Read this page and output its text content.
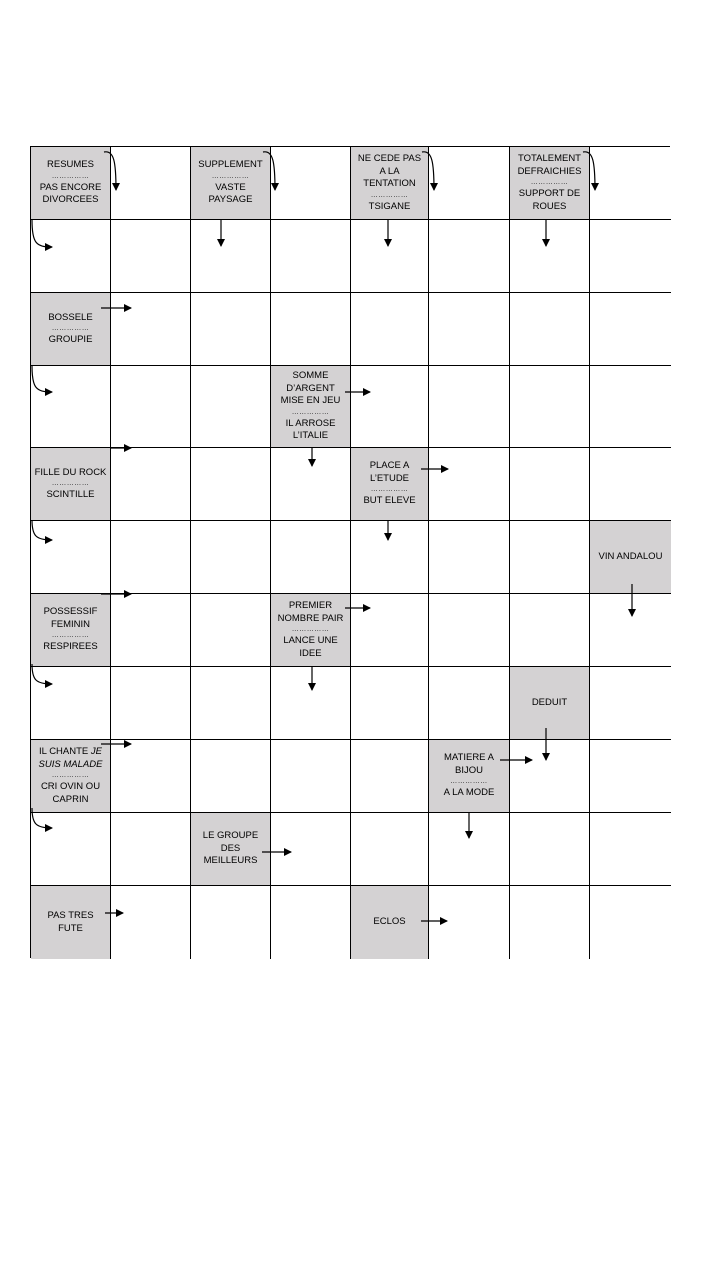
RESUMES
……………
PAS ENCORE DIVORCEES
SUPPLEMENT
……………
VASTE PAYSAGE
NE CEDE PAS A LA TENTATION
……………
TSIGANE
TOTALEMENT DEFRAICHIES
……………
SUPPORT DE ROUES
BOSSELE
……………
GROUPIE
SOMME D’ARGENT MISE EN JEU
……………
IL ARROSE L’ITALIE
FILLE DU ROCK
……………
SCINTILLE
PLACE A L’ETUDE
……………
BUT ELEVE
VIN ANDALOU
POSSESSIF FEMININ
……………
RESPIREES
PREMIER NOMBRE PAIR
……………
LANCE UNE IDEE
DEDUIT
IL CHANTE JE SUIS MALADE
……………
CRI OVIN OU CAPRIN
MATIERE A BIJOU
……………
A LA MODE
LE GROUPE DES MEILLEURS
PAS TRES FUTE
ECLOS
